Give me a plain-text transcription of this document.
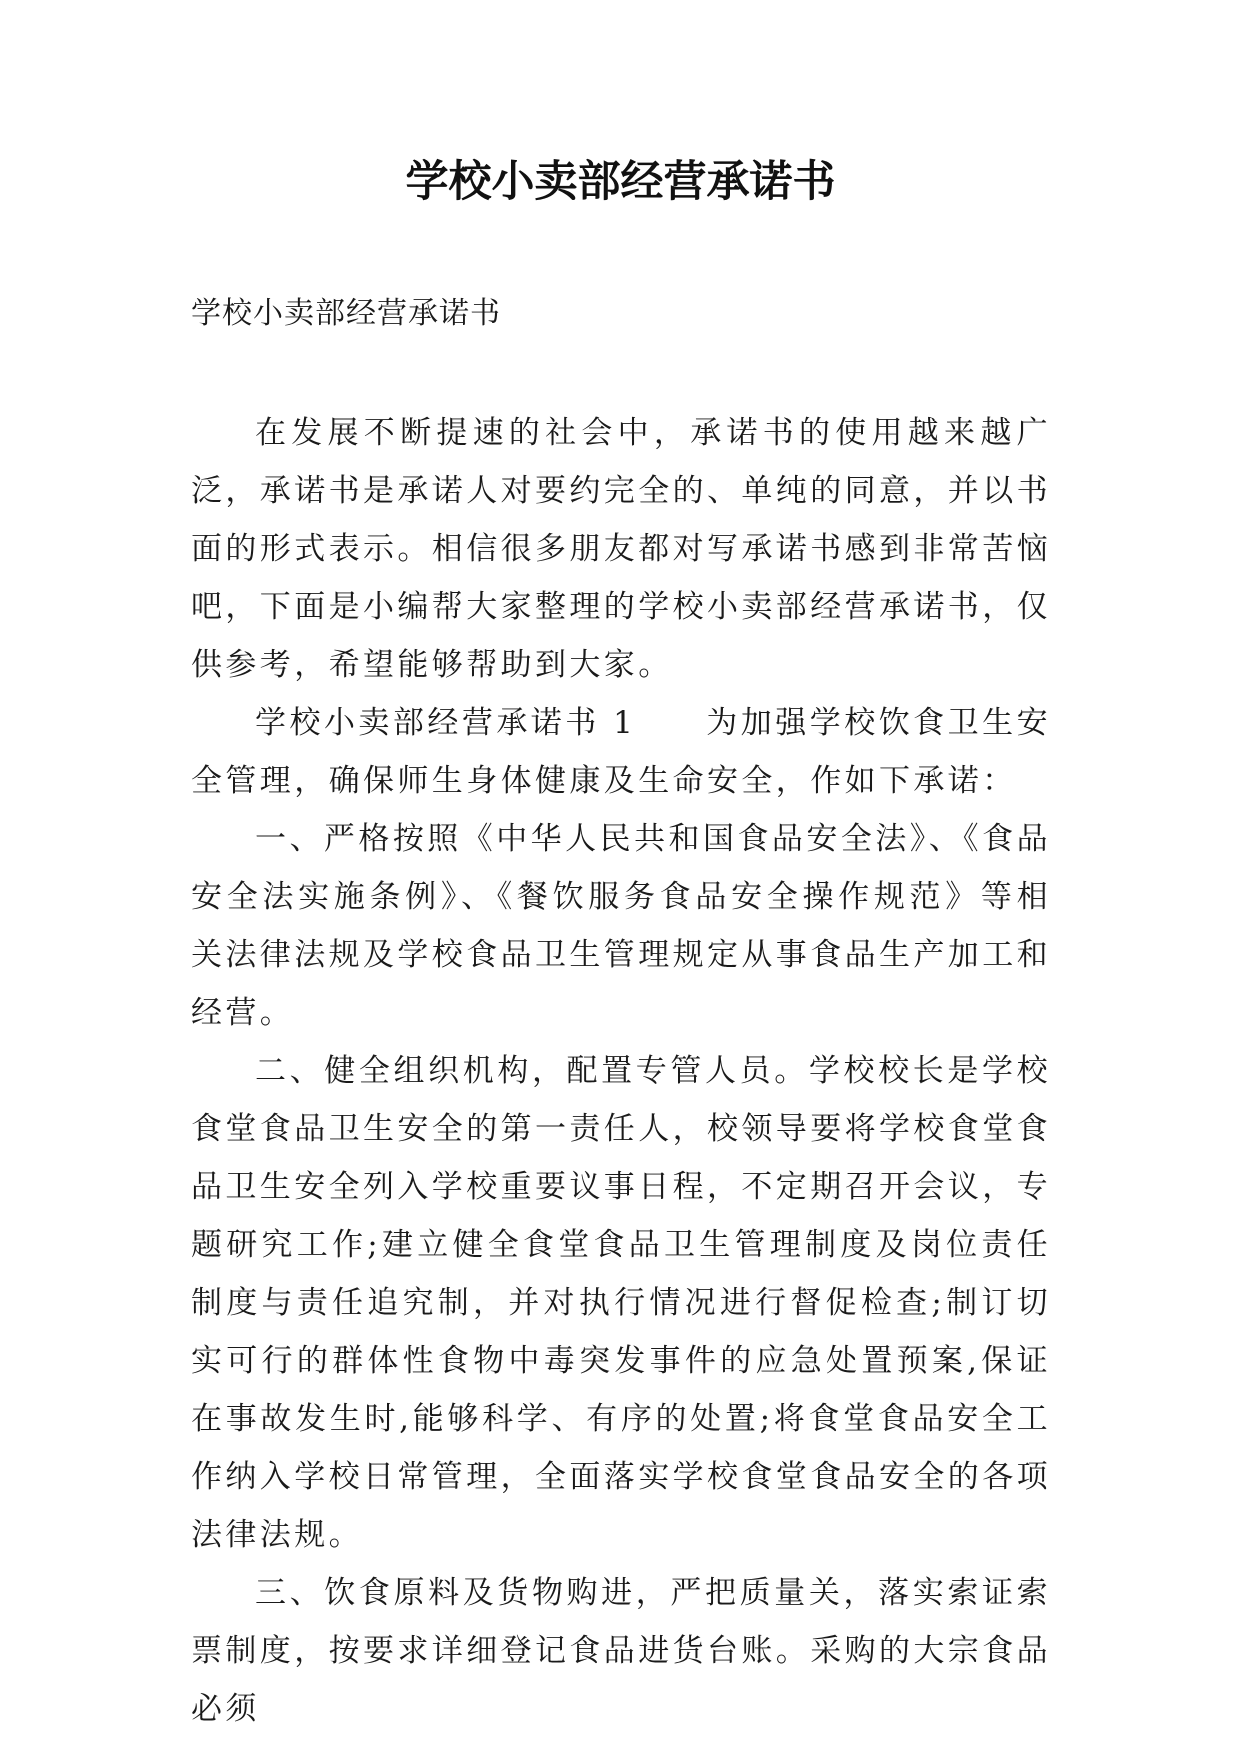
学校小卖部经营承诺书
学校小卖部经营承诺书

在发展不断提速的社会中，承诺书的使用越来越广泛，承诺书是承诺人对要约完全的、单纯的同意，并以书面的形式表示。相信很多朋友都对写承诺书感到非常苦恼吧，下面是小编帮大家整理的学校小卖部经营承诺书，仅供参考，希望能够帮助到大家。

学校小卖部经营承诺书 1 为加强学校饮食卫生安全管理，确保师生身体健康及生命安全，作如下承诺：

一、严格按照《中华人民共和国食品安全法》、《食品安全法实施条例》、《餐饮服务食品安全操作规范》等相关法律法规及学校食品卫生管理规定从事食品生产加工和经营。

二、健全组织机构，配置专管人员。学校校长是学校食堂食品卫生安全的第一责任人，校领导要将学校食堂食品卫生安全列入学校重要议事日程，不定期召开会议，专题研究工作;建立健全食堂食品卫生管理制度及岗位责任制度与责任追究制，并对执行情况进行督促检查;制订切实可行的群体性食物中毒突发事件的应急处置预案,保证在事故发生时,能够科学、有序的处置;将食堂食品安全工作纳入学校日常管理，全面落实学校食堂食品安全的各项法律法规。

三、饮食原料及货物购进，严把质量关，落实索证索票制度，按要求详细登记食品进货台账。采购的大宗食品必须
